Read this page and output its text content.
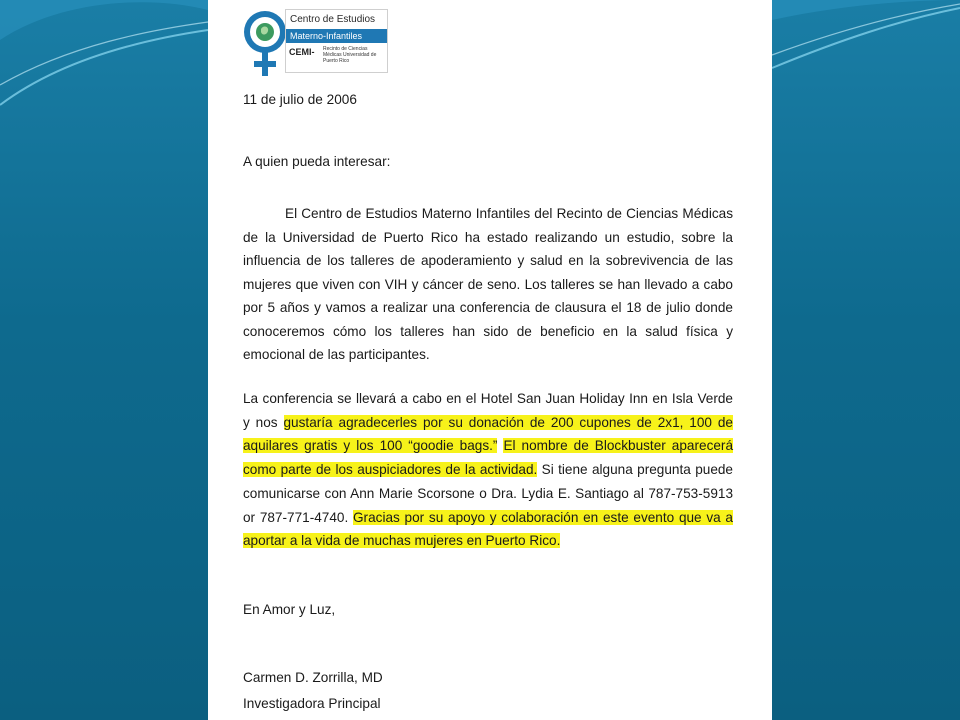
Centro de Estudios
Materno-Infantiles
CEMI- Recinto de Ciencias Médicas Universidad de Puerto Rico
11 de julio de 2006
A quien pueda interesar:
El Centro de Estudios Materno Infantiles del Recinto de Ciencias Médicas de la Universidad de Puerto Rico ha estado realizando un estudio, sobre la influencia de los talleres de apoderamiento y salud en la sobrevivencia de las mujeres que viven con VIH y cáncer de seno. Los talleres se han llevado a cabo por 5 años y vamos a realizar una conferencia de clausura el 18 de julio donde conoceremos cómo los talleres han sido de beneficio en la salud física y emocional de las participantes.
La conferencia se llevará a cabo en el Hotel San Juan Holiday Inn en Isla Verde y nos gustaría agradecerles por su donación de 200 cupones de 2x1, 100 de aquilares gratis y los 100 “goodie bags.” El nombre de Blockbuster aparecerá como parte de los auspiciadores de la actividad. Si tiene alguna pregunta puede comunicarse con Ann Marie Scorsone o Dra. Lydia E. Santiago al 787-753-5913 or 787-771-4740. Gracias por su apoyo y colaboración en este evento que va a aportar a la vida de muchas mujeres en Puerto Rico.
En Amor y Luz,
Carmen D. Zorrilla, MD
Investigadora Principal
